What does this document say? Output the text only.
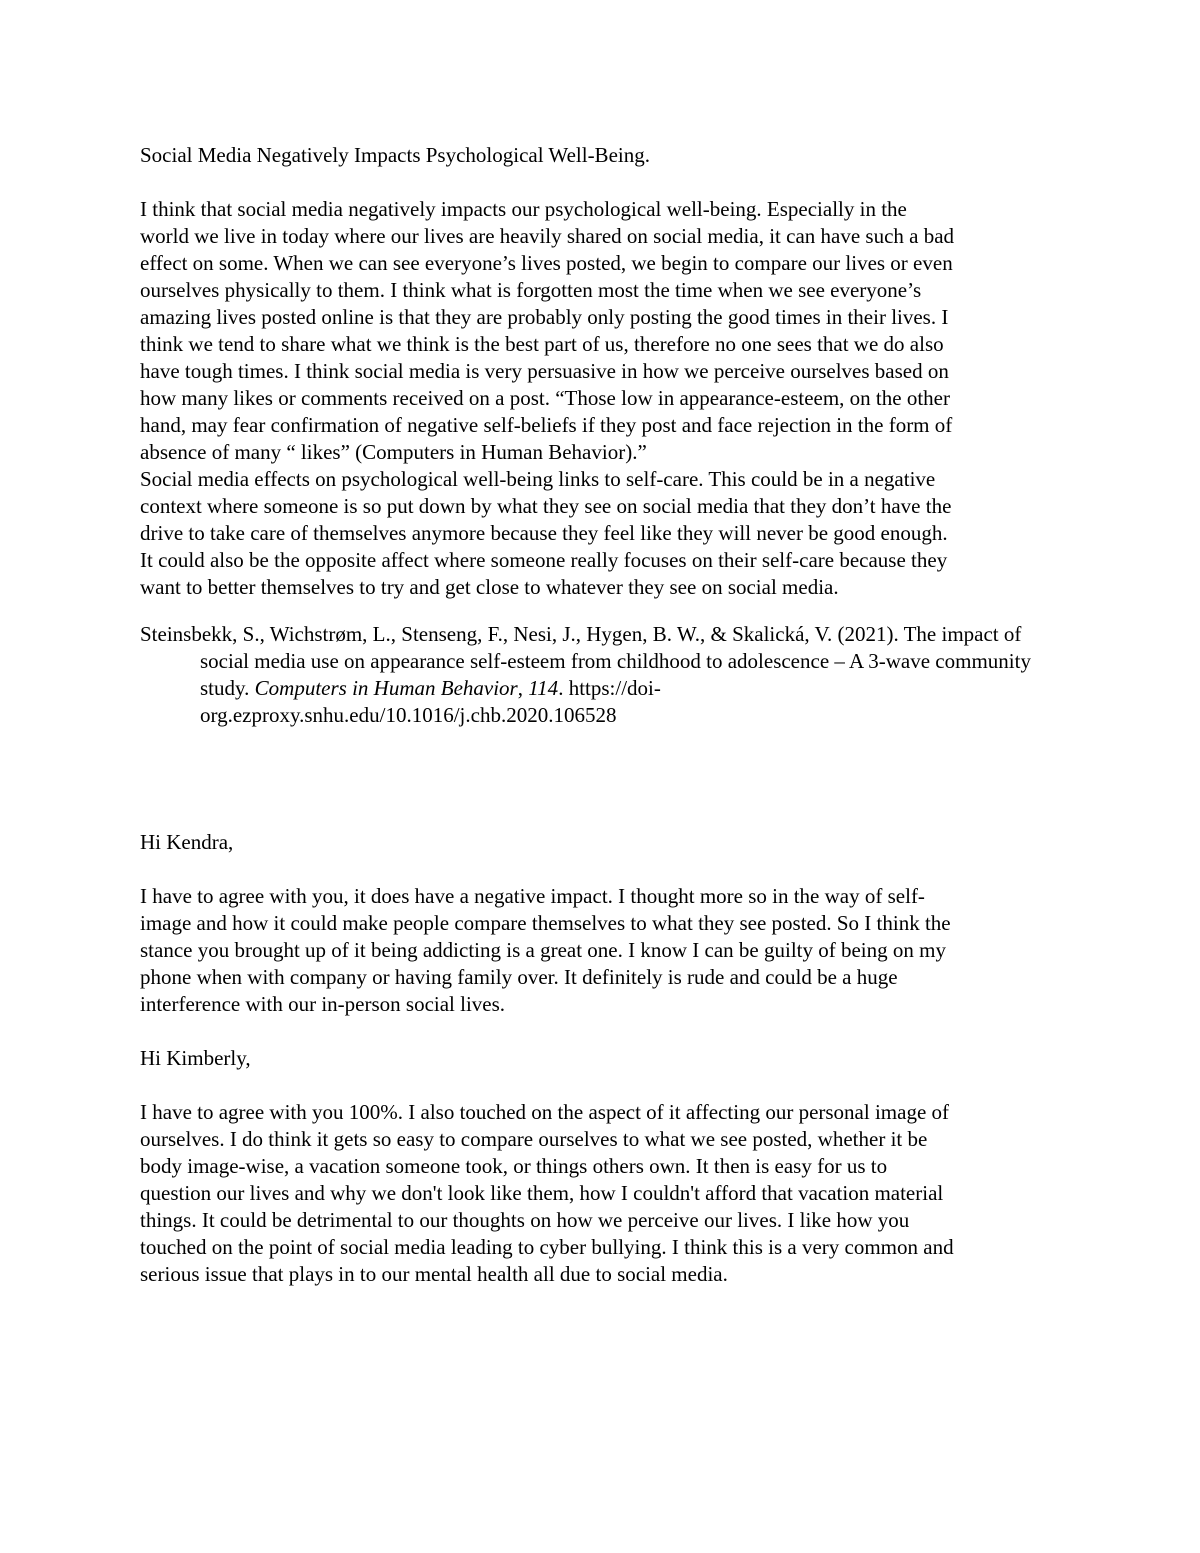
Social Media Negatively Impacts Psychological Well-Being.

I think that social media negatively impacts our psychological well-being. Especially in the
world we live in today where our lives are heavily shared on social media, it can have such a bad
effect on some. When we can see everyone’s lives posted, we begin to compare our lives or even
ourselves physically to them. I think what is forgotten most the time when we see everyone’s
amazing lives posted online is that they are probably only posting the good times in their lives. I
think we tend to share what we think is the best part of us, therefore no one sees that we do also
have tough times. I think social media is very persuasive in how we perceive ourselves based on
how many likes or comments received on a post. “Those low in appearance-esteem, on the other
hand, may fear confirmation of negative self-beliefs if they post and face rejection in the form of
absence of many “ likes” (Computers in Human Behavior).”

Social media effects on psychological well-being links to self-care. This could be in a negative
context where someone is so put down by what they see on social media that they don’t have the
drive to take care of themselves anymore because they feel like they will never be good enough.
It could also be the opposite affect where someone really focuses on their self-care because they
want to better themselves to try and get close to whatever they see on social media.

Steinsbekk, S., Wichstrøm, L., Stenseng, F., Nesi, J., Hygen, B. W., & Skalická, V. (2021). The impact of social media use on appearance self-esteem from childhood to adolescence – A 3-wave community study. Computers in Human Behavior, 114. https://doi-org.ezproxy.snhu.edu/10.1016/j.chb.2020.106528

Hi Kendra,

I have to agree with you, it does have a negative impact. I thought more so in the way of self-
image and how it could make people compare themselves to what they see posted. So I think the
stance you brought up of it being addicting is a great one. I know I can be guilty of being on my
phone when with company or having family over. It definitely is rude and could be a huge
interference with our in-person social lives.

Hi Kimberly,

I have to agree with you 100%. I also touched on the aspect of it affecting our personal image of
ourselves. I do think it gets so easy to compare ourselves to what we see posted, whether it be
body image-wise, a vacation someone took, or things others own. It then is easy for us to
question our lives and why we don't look like them, how I couldn't afford that vacation material
things. It could be detrimental to our thoughts on how we perceive our lives. I like how you
touched on the point of social media leading to cyber bullying. I think this is a very common and
serious issue that plays in to our mental health all due to social media.
